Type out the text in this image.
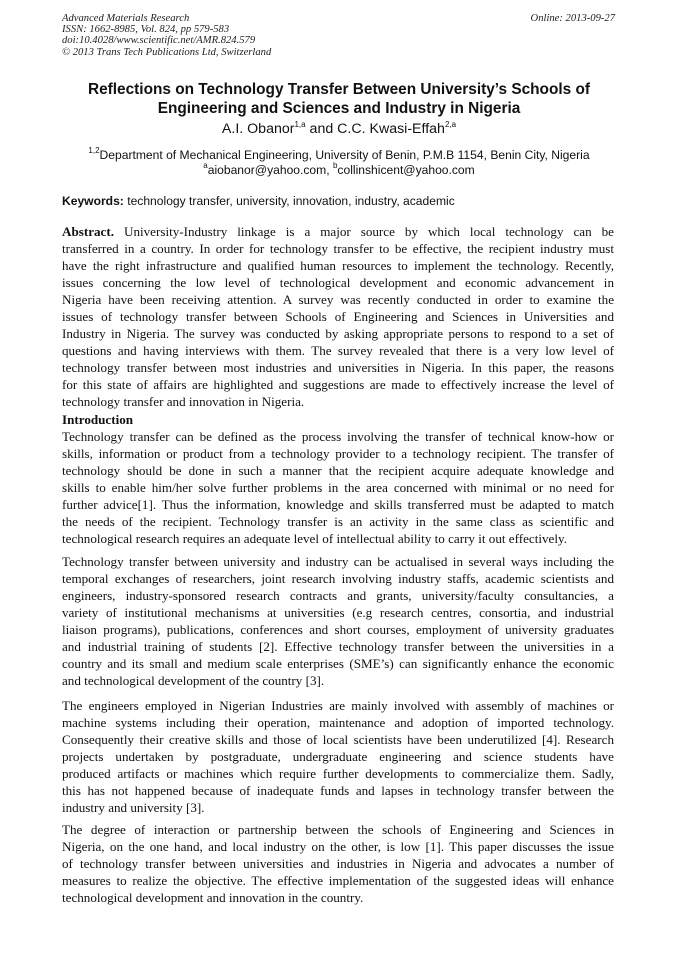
Advanced Materials Research
ISSN: 1662-8985, Vol. 824, pp 579-583
doi:10.4028/www.scientific.net/AMR.824.579
© 2013 Trans Tech Publications Ltd, Switzerland
Online: 2013-09-27
Reflections on Technology Transfer Between University’s Schools of
Engineering and Sciences and Industry in Nigeria
A.I. Obanor$^{1,a}$ and C.C. Kwasi-Effah$^{2,a}$
$^{1,2}$Department of Mechanical Engineering, University of Benin, P.M.B 1154, Benin City, Nigeria
$^a$aiobanor@yahoo.com, $^b$collinshicent@yahoo.com
Keywords: technology transfer, university, innovation, industry, academic
Abstract. University-Industry linkage is a major source by which local technology can be
transferred in a country. In order for technology transfer to be effective, the recipient industry must
have the right infrastructure and qualified human resources to implement the technology. Recently,
issues concerning the low level of technological development and economic advancement in
Nigeria have been receiving attention. A survey was recently conducted in order to examine the
issues of technology transfer between Schools of Engineering and Sciences in Universities and
Industry in Nigeria. The survey was conducted by asking appropriate persons to respond to a set of
questions and having interviews with them. The survey revealed that there is a very low level of
technology transfer between most industries and universities in Nigeria. In this paper, the reasons
for this state of affairs are highlighted and suggestions are made to effectively increase the level of
technology transfer and innovation in Nigeria.
Introduction
Technology transfer can be defined as the process involving the transfer of technical know-how or
skills, information or product from a technology provider to a technology recipient. The transfer of
technology should be done in such a manner that the recipient acquire adequate knowledge and
skills to enable him/her solve further problems in the area concerned with minimal or no need for
further advice[1]. Thus the information, knowledge and skills transferred must be adapted to match
the needs of the recipient. Technology transfer is an activity in the same class as scientific and
technological research requires an adequate level of intellectual ability to carry it out effectively.
Technology transfer between university and industry can be actualised in several ways including the
temporal exchanges of researchers, joint research involving industry staffs, academic scientists and
engineers, industry-sponsored research contracts and grants, university/faculty consultancies, a
variety of institutional mechanisms at universities (e.g research centres, consortia, and industrial
liaison programs), publications, conferences and short courses, employment of university graduates
and industrial training of students [2]. Effective technology transfer between the universities in a
country and its small and medium scale enterprises (SME’s) can significantly enhance the economic
and technological development of the country [3].
The engineers employed in Nigerian Industries are mainly involved with assembly of machines or
machine systems including their operation, maintenance and adoption of imported technology.
Consequently their creative skills and those of local scientists have been underutilized [4]. Research
projects undertaken by postgraduate, undergraduate engineering and science students have
produced artifacts or machines which require further developments to commercialize them. Sadly,
this has not happened because of inadequate funds and lapses in technology transfer between the
industry and university [3].
The degree of interaction or partnership between the schools of Engineering and Sciences in
Nigeria, on the one hand, and local industry on the other, is low [1]. This paper discusses the issue
of technology transfer between universities and industries in Nigeria and advocates a number of
measures to realize the objective. The effective implementation of the suggested ideas will enhance
technological development and innovation in the country.
